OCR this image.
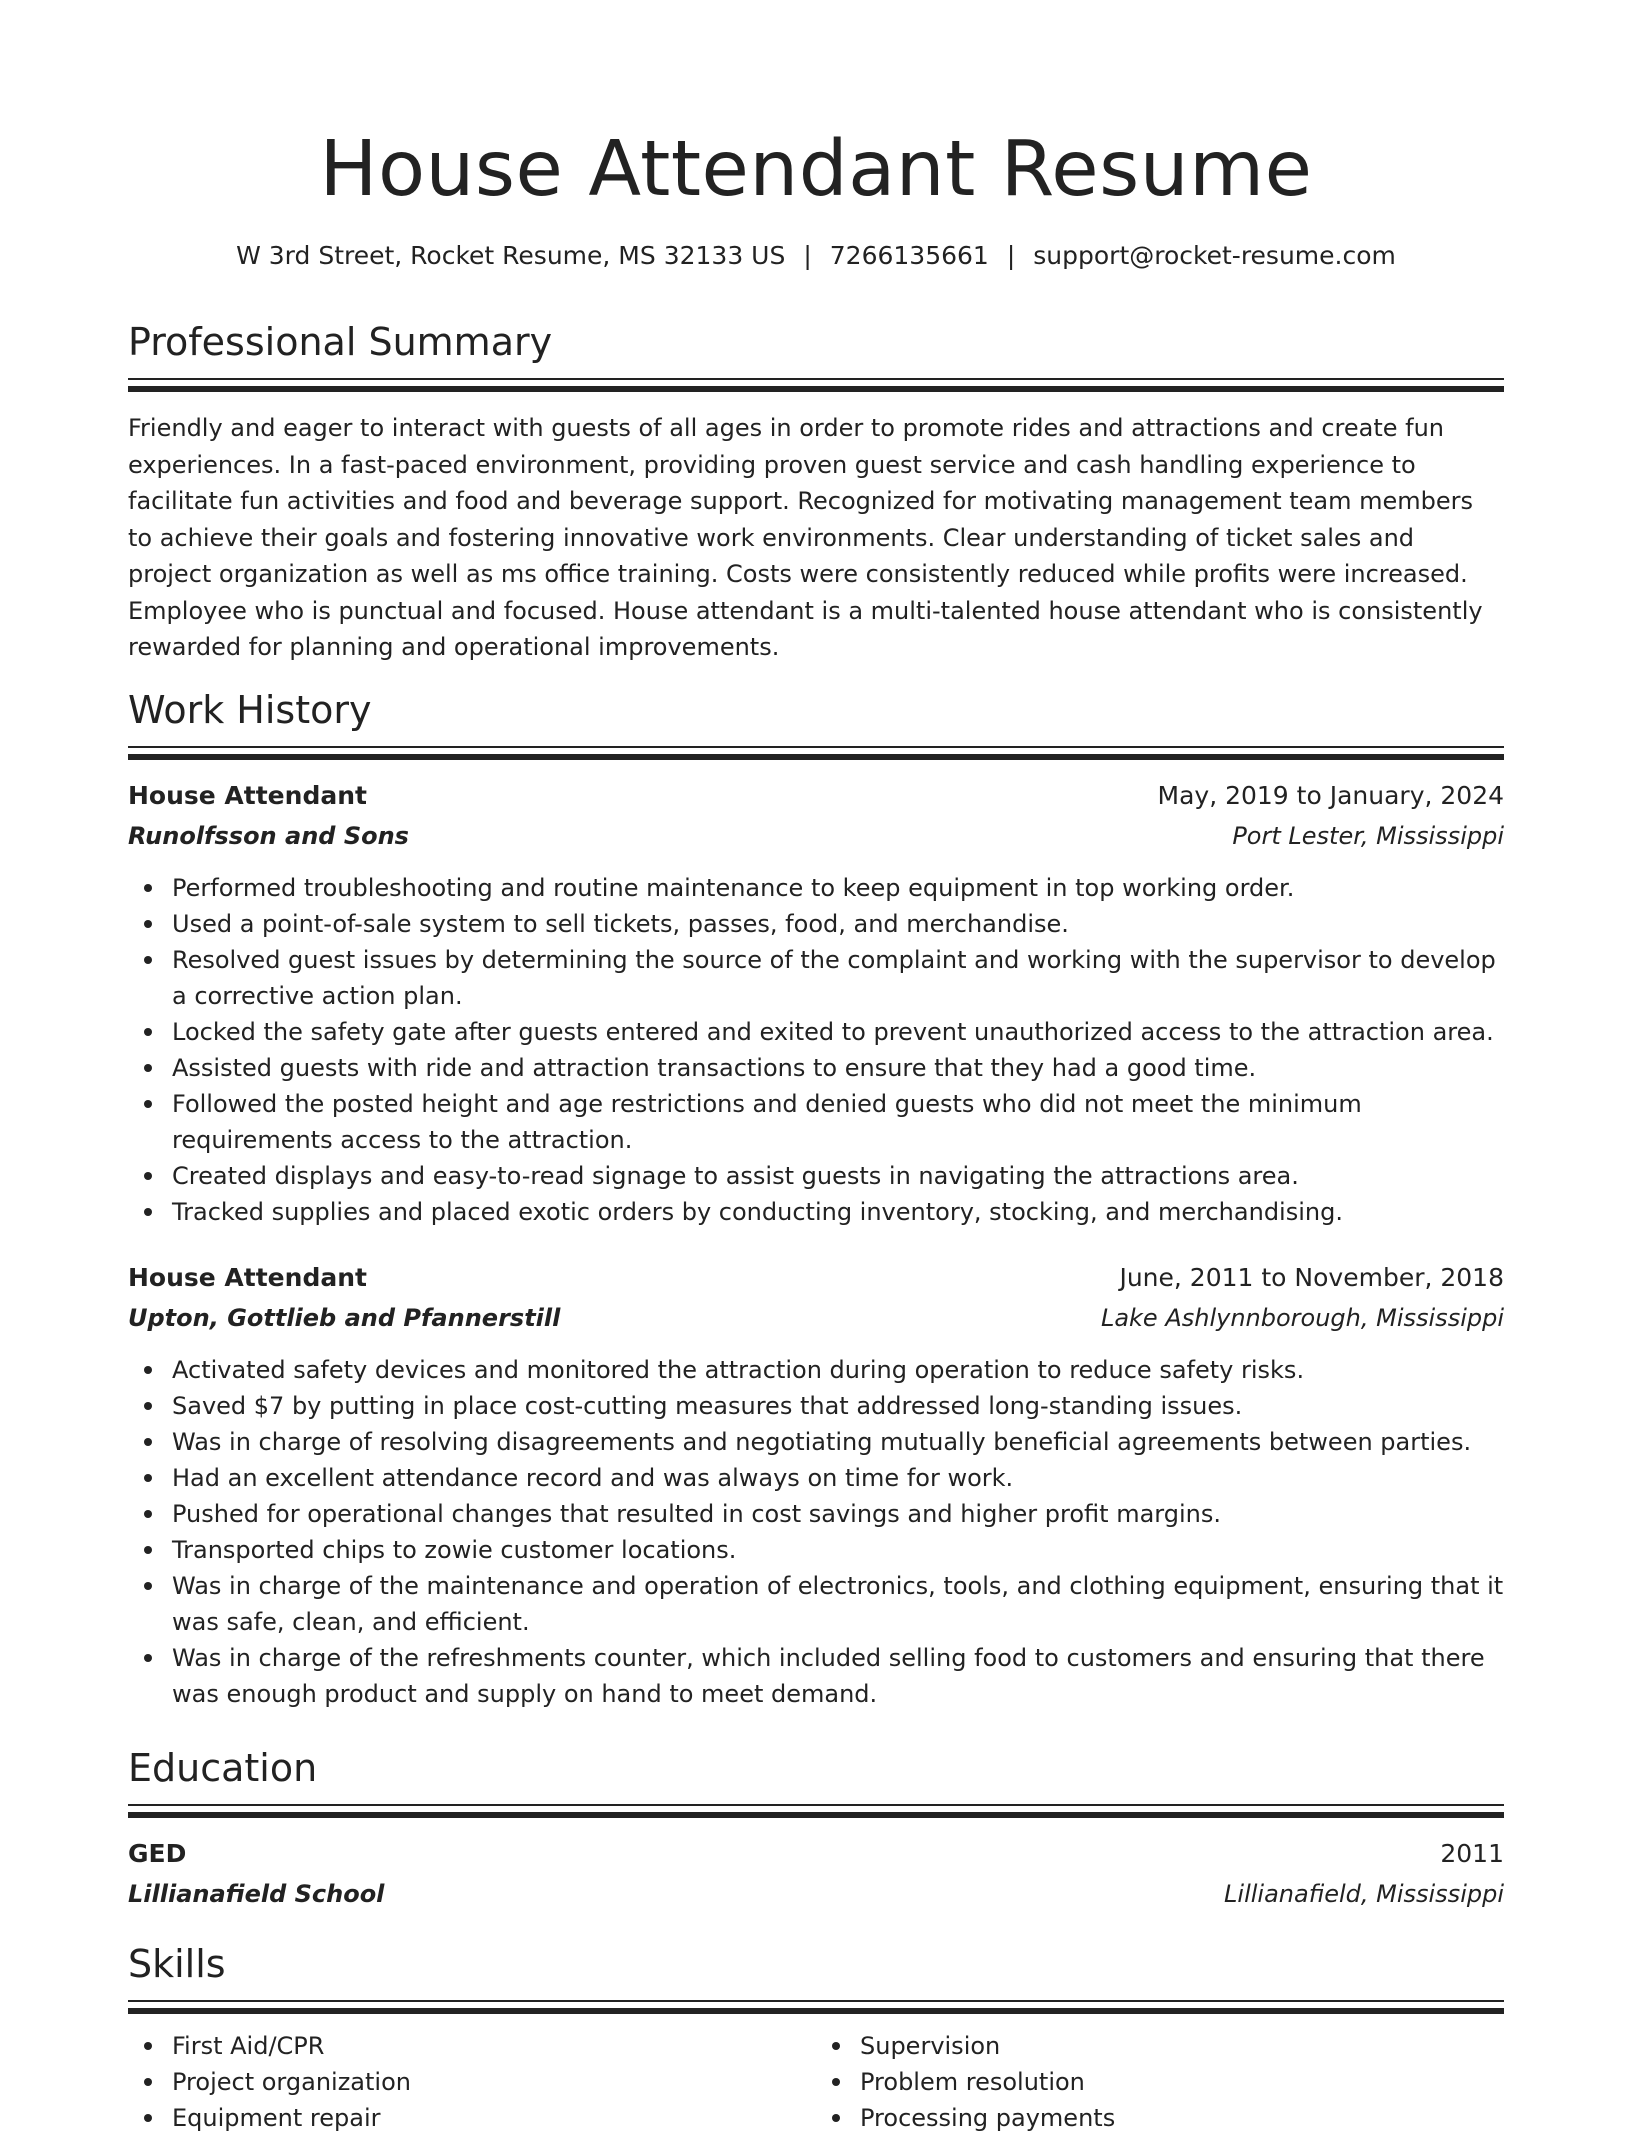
House Attendant Resume
W 3rd Street, Rocket Resume, MS 32133 US | 7266135661 | support@rocket-resume.com
Professional Summary

Friendly and eager to interact with guests of all ages in order to promote rides and attractions and create fun experiences. In a fast-paced environment, providing proven guest service and cash handling experience to facilitate fun activities and food and beverage support. Recognized for motivating management team members to achieve their goals and fostering innovative work environments. Clear understanding of ticket sales and project organization as well as ms office training. Costs were consistently reduced while profits were increased. Employee who is punctual and focused. House attendant is a multi-talented house attendant who is consistently rewarded for planning and operational improvements.

Work History
House Attendant	May, 2019 to January, 2024
Runolfsson and Sons	Port Lester, Mississippi
Performed troubleshooting and routine maintenance to keep equipment in top working order.
Used a point-of-sale system to sell tickets, passes, food, and merchandise.
Resolved guest issues by determining the source of the complaint and working with the supervisor to develop a corrective action plan.
Locked the safety gate after guests entered and exited to prevent unauthorized access to the attraction area.
Assisted guests with ride and attraction transactions to ensure that they had a good time.
Followed the posted height and age restrictions and denied guests who did not meet the minimum requirements access to the attraction.
Created displays and easy-to-read signage to assist guests in navigating the attractions area.
Tracked supplies and placed exotic orders by conducting inventory, stocking, and merchandising.
House Attendant	June, 2011 to November, 2018
Upton, Gottlieb and Pfannerstill	Lake Ashlynnborough, Mississippi
Activated safety devices and monitored the attraction during operation to reduce safety risks.
Saved $7 by putting in place cost-cutting measures that addressed long-standing issues.
Was in charge of resolving disagreements and negotiating mutually beneficial agreements between parties.
Had an excellent attendance record and was always on time for work.
Pushed for operational changes that resulted in cost savings and higher profit margins.
Transported chips to zowie customer locations.
Was in charge of the maintenance and operation of electronics, tools, and clothing equipment, ensuring that it was safe, clean, and efficient.
Was in charge of the refreshments counter, which included selling food to customers and ensuring that there was enough product and supply on hand to meet demand.
Education
GED	2011
Lillianafield School	Lillianafield, Mississippi
Skills
First Aid/CPR
Project organization
Equipment repair
Supervision
Problem resolution
Processing payments
